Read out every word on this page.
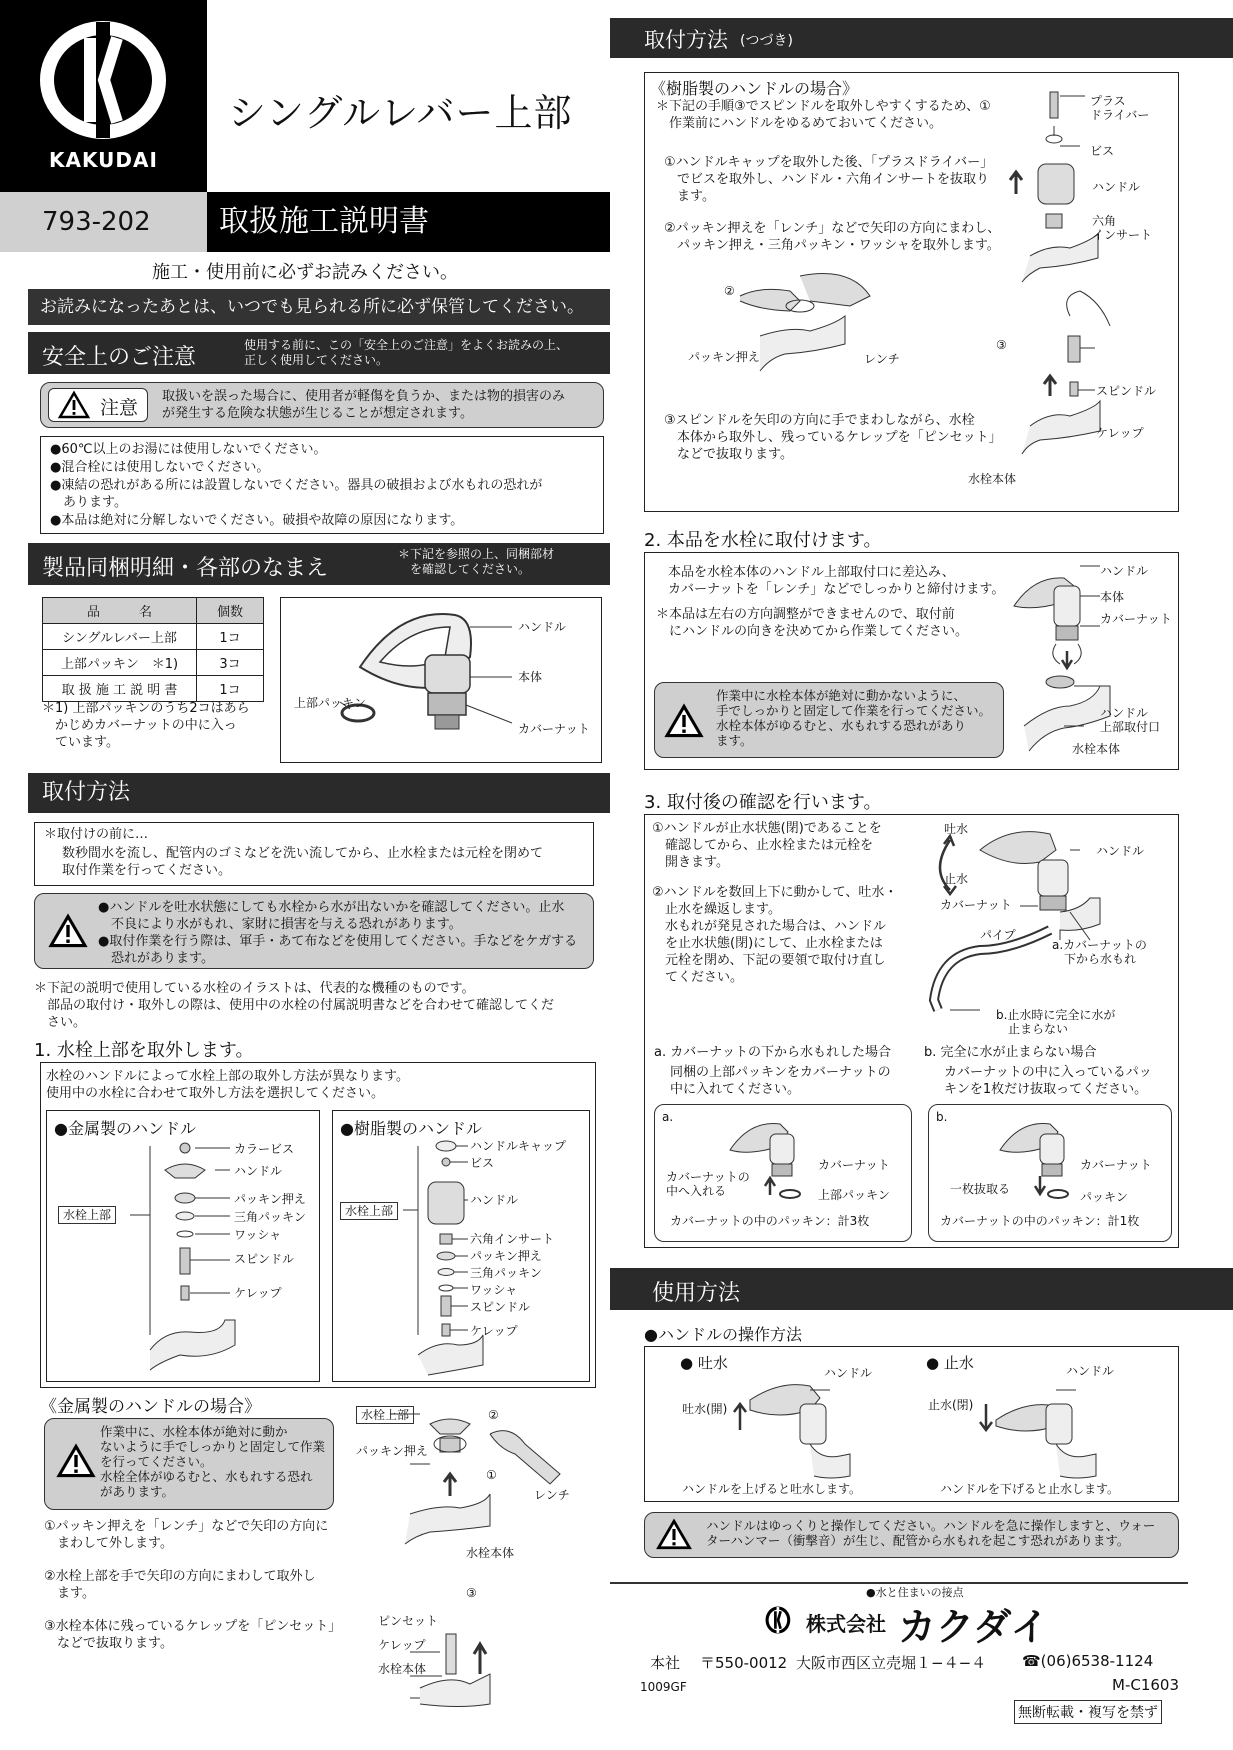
KAKUDAI
シングルレバー上部
793-202	取扱施工説明書
施工・使用前に必ずお読みください。
お読みになったあとは、いつでも見られる所に必ず保管してください。
安全上のご注意	使用する前に、この「安全上のご注意」をよくお読みの上、
正しく使用してください。
注意
取扱いを誤った場合に、使用者が軽傷を負うか、または物的損害のみ
が発生する危険な状態が生じることが想定されます。
●60℃以上のお湯には使用しないでください。
●混合栓には使用しないでください。
●凍結の恐れがある所には設置しないでください。器具の破損および水もれの恐れが
　あります。
●本品は絶対に分解しないでください。破損や故障の原因になります。
製品同梱明細・各部のなまえ
＊下記を参照の上、同梱部材
　を確認してください。
品　　　名	個数
シングルレバー上部	1コ
上部パッキン　＊1)	3コ
取 扱 施 工 説 明 書	1コ
＊1) 上部パッキンのうち2コはあら
　かじめカバーナットの中に入っ
　ています。
ハンドル
本体
上部パッキン
カバーナット
取付方法
＊取付けの前に…
数秒間水を流し、配管内のゴミなどを洗い流してから、止水栓または元栓を閉めて
取付作業を行ってください。
●ハンドルを吐水状態にしても水栓から水が出ないかを確認してください。止水
　不良により水がもれ、家財に損害を与える恐れがあります。
●取付作業を行う際は、軍手・あて布などを使用してください。手などをケガする
　恐れがあります。
＊下記の説明で使用している水栓のイラストは、代表的な機種のものです。
　部品の取付け・取外しの際は、使用中の水栓の付属説明書などを合わせて確認してくだ
　さい。
1. 水栓上部を取外します。
水栓のハンドルによって水栓上部の取外し方法が異なります。
使用中の水栓に合わせて取外し方法を選択してください。
●金属製のハンドル
水栓上部
カラービス
ハンドル
パッキン押え
三角パッキン
ワッシャ
スピンドル
ケレップ
●樹脂製のハンドル
水栓上部
ハンドルキャップ
ビス
ハンドル
六角インサート
パッキン押え
三角パッキン
ワッシャ
スピンドル
ケレップ
《金属製のハンドルの場合》
作業中に、水栓本体が絶対に動か
ないように手でしっかりと固定して作業
を行ってください。
水栓全体がゆるむと、水もれする恐れ
があります。
①パッキン押えを「レンチ」などで矢印の方向に
　まわして外します。
②水栓上部を手で矢印の方向にまわして取外し
　ます。
③水栓本体に残っているケレップを「ピンセット」
　などで抜取ります。
水栓上部	②
パッキン押え
①
レンチ
水栓本体
③
ピンセット
ケレップ
水栓本体
取付方法 (つづき)
《樹脂製のハンドルの場合》
＊下記の手順③でスピンドルを取外しやすくするため、①
　作業前にハンドルをゆるめておいてください。
①ハンドルキャップを取外した後、「プラスドライバー」
　でビスを取外し、ハンドル・六角インサートを抜取り
　ます。
②パッキン押えを「レンチ」などで矢印の方向にまわし、
　パッキン押え・三角パッキン・ワッシャを取外します。
③スピンドルを矢印の方向に手でまわしながら、水栓
　本体から取外し、残っているケレップを「ピンセット」
　などで抜取ります。
プラス
ドライバー
ビス
ハンドル
六角
インサート
②
パッキン押え	レンチ
③
スピンドル
ケレップ
水栓本体
2. 本品を水栓に取付けます。
本品を水栓本体のハンドル上部取付口に差込み、
カバーナットを「レンチ」などでしっかりと締付けます。
＊本品は左右の方向調整ができませんので、取付前
　にハンドルの向きを決めてから作業してください。
作業中に水栓本体が絶対に動かないように、
手でしっかりと固定して作業を行ってください。
水栓本体がゆるむと、水もれする恐れがあり
ます。
ハンドル
本体
カバーナット
ハンドル
上部取付口
水栓本体
3. 取付後の確認を行います。
①ハンドルが止水状態(閉)であることを
　確認してから、止水栓または元栓を
　開きます。
②ハンドルを数回上下に動かして、吐水・
　止水を繰返します。
　水もれが発見された場合は、ハンドル
　を止水状態(閉)にして、止水栓または
　元栓を閉め、下記の要領で取付け直し
　てください。
吐水
ハンドル
止水
カバーナット
パイプ
a.カバーナットの
　下から水もれ
b.止水時に完全に水が
　止まらない
a. カバーナットの下から水もれした場合
同梱の上部パッキンをカバーナットの
中に入れてください。
b. 完全に水が止まらない場合
カバーナットの中に入っているパッ
キンを1枚だけ抜取ってください。
a.
カバーナット
カバーナットの
中へ入れる	上部パッキン
カバーナットの中のパッキン：計3枚
b.
カバーナット
一枚抜取る
パッキン
カバーナットの中のパッキン：計1枚
使用方法
●ハンドルの操作方法
● 吐水	● 止水
ハンドル	ハンドル
吐水(開)	止水(閉)
ハンドルを上げると吐水します。	ハンドルを下げると止水します。
ハンドルはゆっくりと操作してください。ハンドルを急に操作しますと、ウォー
ターハンマー（衝撃音）が生じ、配管から水もれを起こす恐れがあります。
●水と住まいの接点
株式会社 カクダイ
本社 〒550-0012 大阪市西区立売堀１−４−４ ☎(06)6538-1124
1009GF	M-C1603
無断転載・複写を禁ず
